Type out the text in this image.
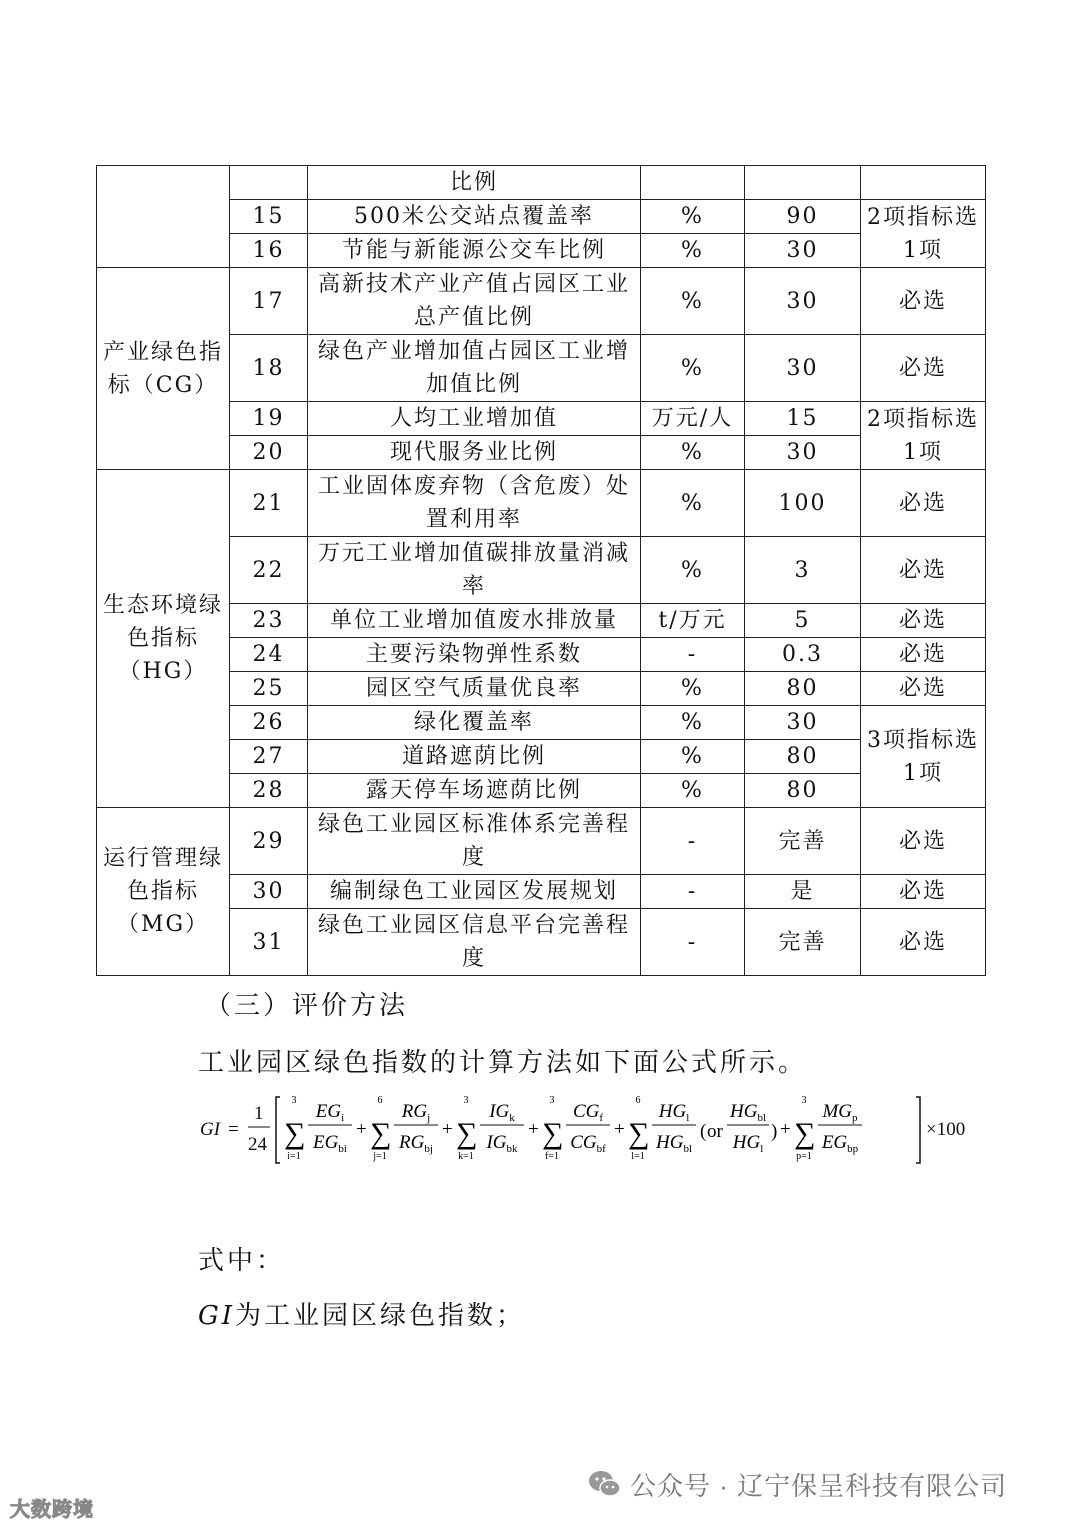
		比例			
	15	500米公交站点覆盖率	%	90	2项指标选1项
	16	节能与新能源公交车比例	%	30	
产业绿色指标（CG）	17	高新技术产业产值占园区工业总产值比例	%	30	必选
	18	绿色产业增加值占园区工业增加值比例	%	30	必选
	19	人均工业增加值	万元/人	15	2项指标选1项
	20	现代服务业比例	%	30	
生态环境绿色指标（HG）	21	工业固体废弃物（含危废）处置利用率	%	100	必选
	22	万元工业增加值碳排放量消减率	%	3	必选
	23	单位工业增加值废水排放量	t/万元	5	必选
	24	主要污染物弹性系数	-	0.3	必选
	25	园区空气质量优良率	%	80	必选
	26	绿化覆盖率	%	30	3项指标选1项
	27	道路遮荫比例	%	80	
	28	露天停车场遮荫比例	%	80	
运行管理绿色指标（MG）	29	绿色工业园区标准体系完善程度	-	完善	必选
	30	编制绿色工业园区发展规划	-	是	必选
	31	绿色工业园区信息平台完善程度	-	完善	必选
（三）评价方法
工业园区绿色指数的计算方法如下面公式所示。
GI =
1
24
×100
3
∑
i=1
$EG_i$
$EG_{bi}$
+
6
∑
j=1
$RG_j$
$RG_{bj}$
+
3
∑
k=1
$IG_k$
$IG_{bk}$
+
3
∑
f=1
$CG_f$
$CG_{bf}$
+
6
∑
l=1
$HG_l$
$HG_{bl}$
( or
$HG_{bl}$
$HG_l$
) +
3
∑
p=1
$MG_p$
$EG_{bp}$
式中：
GI为工业园区绿色指数；
大数跨境
公众号 · 辽宁保呈科技有限公司
